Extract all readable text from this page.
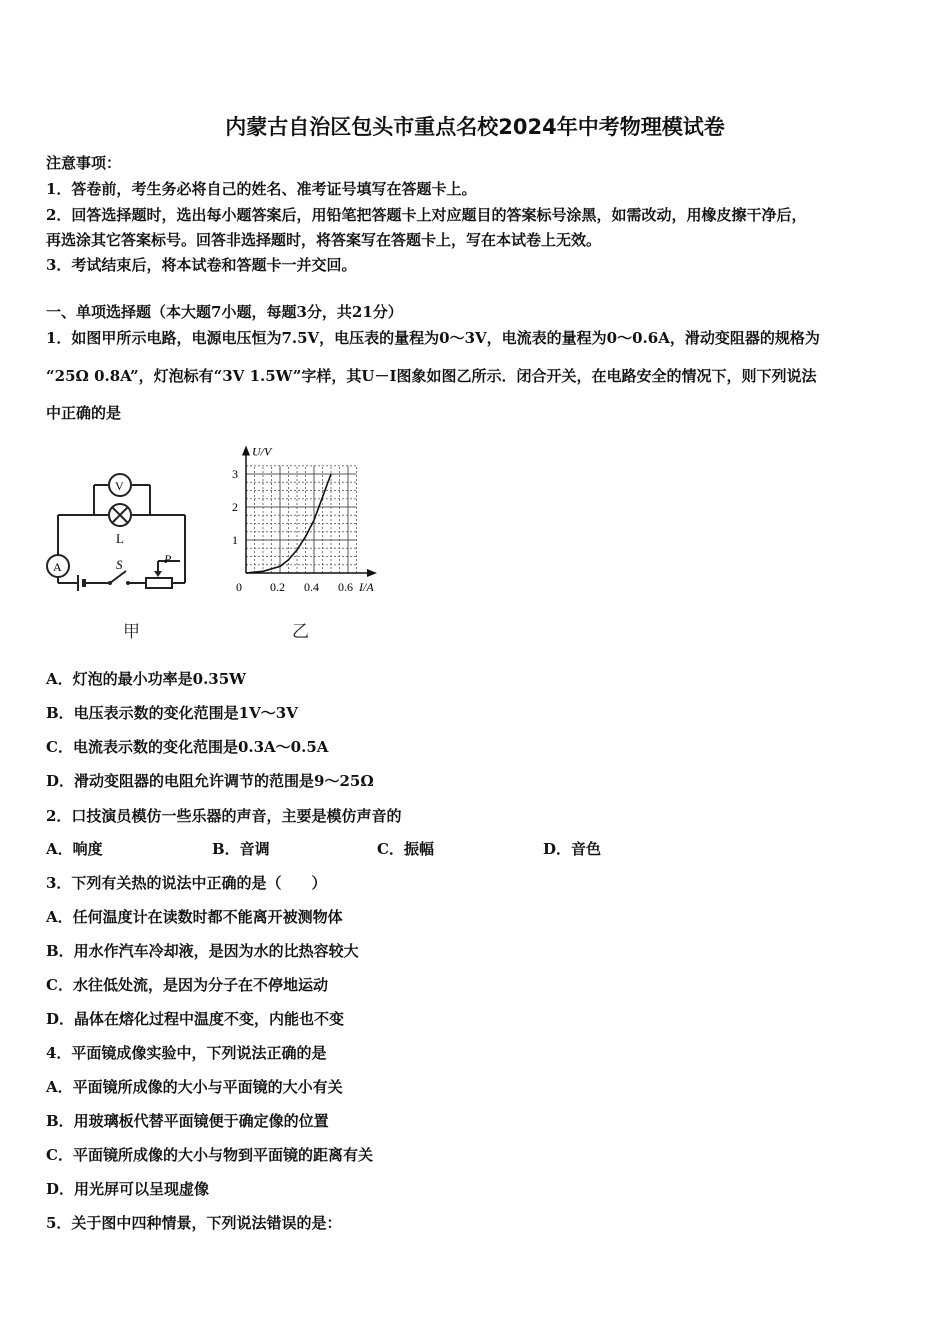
内蒙古自治区包头市重点名校2024年中考物理模试卷
注意事项：
1．答卷前，考生务必将自己的姓名、准考证号填写在答题卡上。
2．回答选择题时，选出每小题答案后，用铅笔把答题卡上对应题目的答案标号涂黑，如需改动，用橡皮擦干净后，
再选涂其它答案标号。回答非选择题时，将答案写在答题卡上，写在本试卷上无效。
3．考试结束后，将本试卷和答题卡一并交回。
一、单项选择题（本大题7小题，每题3分，共21分）
1．如图甲所示电路，电源电压恒为7.5V，电压表的量程为0～3V，电流表的量程为0～0.6A，滑动变阻器的规格为
“25Ω 0.8A”，灯泡标有“3V 1.5W”字样，其U－I图象如图乙所示．闭合开关，在电路安全的情况下，则下列说法
中正确的是
S	P
A
V
L
甲
U/V
I/A
0 0.2 0.4 0.6
1
2
3
乙
A．灯泡的最小功率是0.35W
B．电压表示数的变化范围是1V～3V
C．电流表示数的变化范围是0.3A～0.5A
D．滑动变阻器的电阻允许调节的范围是9～25Ω
2．口技演员模仿一些乐器的声音，主要是模仿声音的
A．响度	B．音调	C．振幅	D．音色
3．下列有关热的说法中正确的是（　　）
A．任何温度计在读数时都不能离开被测物体
B．用水作汽车冷却液，是因为水的比热容较大
C．水往低处流，是因为分子在不停地运动
D．晶体在熔化过程中温度不变，内能也不变
4．平面镜成像实验中，下列说法正确的是
A．平面镜所成像的大小与平面镜的大小有关
B．用玻璃板代替平面镜便于确定像的位置
C．平面镜所成像的大小与物到平面镜的距离有关
D．用光屏可以呈现虚像
5．关于图中四种情景，下列说法错误的是：
